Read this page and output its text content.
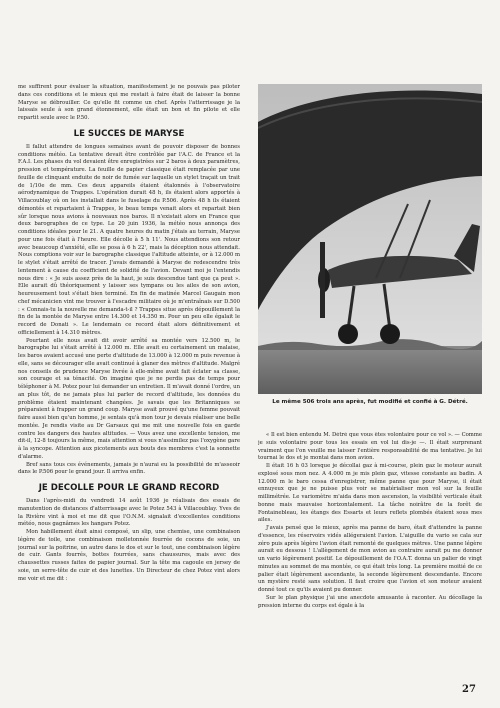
me suffirent pour évaluer la situation, manifestement je ne pouvais pas piloter dans ces conditions et le mieux qui me restait à faire était de laisser la bonne Maryse se débrouiller. Ce qu'elle fit comme un chef. Après l'atterrissage je la laissais seule à son grand étonnement, elle était un bon et fin pilote et elle repartit seule avec le P.50.

LE SUCCES DE MARYSE

Il fallut attendre de longues semaines avant de pouvoir disposer de bonnes conditions météo. La tentative devait être contrôlée par l'A.C. de France et la F.A.I. Les phases du vol devaient être enregistrées sur 2 baros à deux paramètres, pression et température. La feuille de papier classique était remplacée par une feuille de clinquant enduite de noir de fumée sur laquelle un stylet traçait un trait de 1/10e de mm. Ces deux appareils étaient étalonnés à l'observatoire aérodynamique de Trappes. L'opération durait 48 h, ils étaient alors apportés à Villacoublay où on les installait dans le fuselage du P.506. Après 48 h ils étaient démontés et repartaient à Trappes, le beau temps venait alors et repartait bien sûr lorsque nous avions à nouveaux nos baros. Il n'existait alors en France que deux barographes de ce type. Le 20 juin 1936, la météo nous annonça des conditions idéales pour le 21. A quatre heures du matin j'étais au terrain, Maryse pour une fois était à l'heure. Elle décolle à 5 h 11'. Nous attendions son retour avec beaucoup d'anxiété, elle se posa à 6 h 22', mais la déception nous attendait. Nous comptions voir sur le barographe classique l'altitude atteinte, or à 12.000 m le stylet s'était arrêté de tracer. J'avais demandé à Maryse de redescendre très lentement à cause du coefficient de solidité de l'avion. Devant moi je l'entendis nous dire : « Je suis assez près de la haut, je suis descendue tant que ça peut ». Elle aurait dû théoriquement y laisser ses tympans ou les ailes de son avion, heureusement tout s'était bien terminé. En fin de matinée Marcel Gaugain mon chef mécanicien vint me trouver à l'escadre militaire où je m'entraînais sur D.500 : « Connais-tu la nouvelle me demanda-t-il ? Trappes situe après dépouillement la fin de la montée de Maryse entre 14.300 et 14.350 m. Pour un peu elle égalait le record de Donati ». Le lendemain ce record était alors définitivement et officiellement à 14.310 mètres.

Pourtant elle nous avait dit avoir arrêté sa montée vers 12.500 m, le barographe lui s'était arrêté à 12.000 m. Elle avait eu certainement un malaise, les baros avaient accusé une perte d'altitude de 13.000 à 12.000 m puis revenue à elle, sans se décourager elle avait continué à glaner des mètres d'altitude. Malgré nos conseils de prudence Maryse livrée à elle-même avait fait éclater sa classe, son courage et sa ténacité. On imagine que je ne perdis pas de temps pour téléphoner à M. Potez pour lui demander un entretien. Il m'avait donné l'ordre, un an plus tôt, de ne jamais plus lui parler de record d'altitude, les données du problème étaient maintenant changées. Je savais que les Britanniques se préparaient à frapper un grand coup. Maryse avait prouvé qu'une femme pouvait faire aussi bien qu'un homme, je sentais qu'à mon tour je devais réaliser une belle montée. Je rendis visite au Dr Garsaux qui me mit une nouvelle fois en garde contre les dangers des hautes altitudes. — Vous avez une excellente tension, me dit-il, 12-8 toujours la même, mais attention si vous n'assimilez pas l'oxygène gare à la syncope. Attention aux picotements aux bouts des membres c'est la sonnette d'alarme.

Bref sans tous ces événements, jamais je n'aurai eu la possibilité de m'asseoir dans le P.506 pour le grand jour. Il arriva enfin.

JE DECOLLE POUR LE GRAND RECORD

Dans l'après-midi du vendredi 14 août 1936 je réalisais des essais de manutention de distances d'atterrissage avec le Potez 543 à Villacoublay. Yves de la Rivière vint à moi et me dit que l'O.N.M. signalait d'excellentes conditions météo, nous gagnâmes les hangars Potez.

Mon habillement était ainsi composé, un slip, une chemise, une combinaison légère de toile, une combinaison molletonnée fourrée de cocons de soie, un journal sur la poitrine, un autre dans le dos et sur le tout, une combinaison légère de cuir. Gants fourrés, bottes fourrées, sans chaussures, mais avec des chaussettes russes faites de papier journal. Sur la tête ma cagoule en jersey de soie, un serre-tête de cuir et des lunettes. Un Directeur de chez Potez vint alors me voir et me dit :

Le même 506 trois ans après, fut modifié et confié à G. Détré.

« Il est bien entendu M. Détré que vous êtes volontaire pour ce vol ». — Comme je suis volontaire pour tous les essais en vol lui dis-je —. Il était surprenant vraiment que l'on veuille me laisser l'entière responsabilité de ma tentative. Je lui tournai le dos et je montai dans mon avion.

Il était 16 h 03 lorsque je décollai gaz à mi-course, plein gaz le moteur aurait explosé sous mon nez. A 4.000 m je mis plein gaz, vitesse constante au badin. A 12.000 m le baro cessa d'enregistrer, même panne que pour Maryse, il était ennuyeux que je ne puisse plus voir se matérialiser mon vol sur la feuille millimétrée. Le variomètre m'aida dans mon ascension, la visibilité verticale était bonne mais mauvaise horizontalement. La tâche noirâtre de la forêt de Fontainebleau, les étangs des Essarts et leurs reflets plombés étaient sous mes ailes.

J'avais pensé que le mieux, après ma panne de baro, était d'attendre la panne d'essence, les réservoirs vidés allégeraient l'avion. L'aiguille du vario se cala sur zéro puis après légère l'avion était remonté de quelques mètres. Une panne légère aurait eu dessous ! L'allègement de mon avion au contraire aurait pu me donner un vario légèrement positif. Le dépouillement de l'O.A.T. donna un palier de vingt minutes au sommet de ma montée, ce qui était très long. La première moitié de ce palier était légèrement ascendante, la seconde légèrement descendante. Encore un mystère resté sans solution. Il faut croire que l'avion et son moteur avaient donné tout ce qu'ils avaient pu donner.

Sur le plan physique j'ai une anecdote amusante à raconter. Au décollage la pression interne du corps est égale à la

27
